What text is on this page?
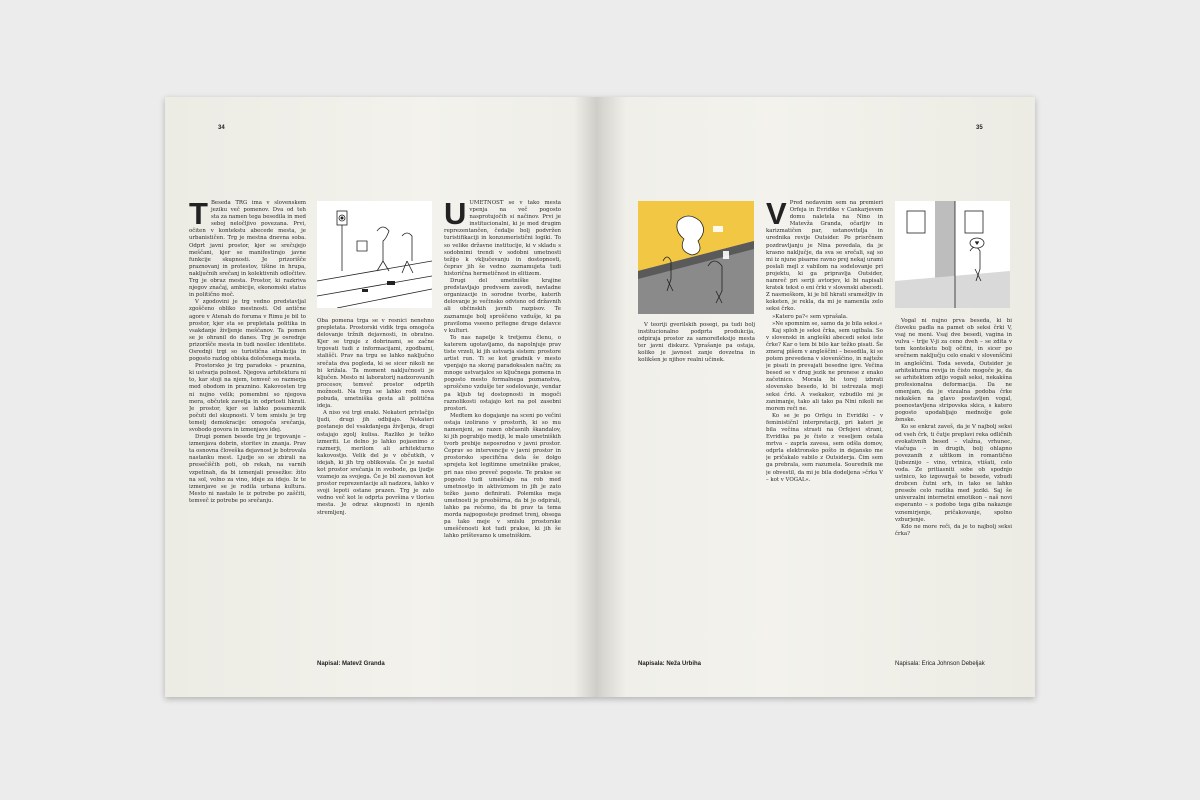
34	35
T Beseda TRG ima v slovenskem jeziku več pomenov. Dva od teh sta za namen tega besedila in med seboj neločljivo povezana. Prvi, očiten v kontekstu abecede mesta, je urbanističen. Trg je mestna dnevna soba. Odprt javni prostor, kjer se srečujejo meščani, kjer se manifestirajo javne funkcije skupnosti. Je prizorišče praznovanj in protestov, tišine in hrupa, naključnih srečanj in kolektivnih odločitev. Trg je obraz mesta. Prostor, ki razkriva njegov značaj, ambicije, ekonomski status in politično moč.

V zgodovini je trg vedno predstavljal zgoščeno obliko mestnosti. Od antične agore v Atenah do foruma v Rimu je bil to prostor, kjer sta se prepletala politika in vsakdanje življenje meščanov. Ta pomen se je ohranil do danes. Trg je osrednje prizorišče mesta in tudi nosilec identitete. Osrednji trgi so turistična atrakcija in pogosto razlog obiska določenega mesta.

Prostorsko je trg paradoks – praznina, ki ustvarja polnost. Njegova arhitektura ni to, kar stoji na njem, temveč so razmerja med obodom in praznino. Kakovosten trg ni nujno velik; pomembni so njegova mera, občutek zavetja in odprtosti hkrati. Je prostor, kjer se lahko posameznik počuti del skupnosti. V tem smislu je trg temelj demokracije: omogoča srečanja, svobodo govora in izmenjave idej.

Drugi pomen besede trg je trgovanje – izmenjava dobrin, storitev in znanja. Prav ta osnovna človeška dejavnost je botrovala nastanku mest. Ljudje so se zbirali na presečiščih poti, ob rekah, na varnih vzpetinah, da bi izmenjali presežke: žito na sol, volno za vino, ideje za idejo. Iz te izmenjave se je rodila urbana kultura. Mesto ni nastalo le iz potrebe po zaščiti, temveč iz potrebe po srečanju.

Oba pomena trga se v resnici nenehno prepletata. Prostorski vidik trga omogoča delovanje tržnih dejavnosti, in obratno. Kjer se trguje z dobrinami, se začne trgovati tudi z informacijami, zgodbami, stališči. Prav na trgu se lahko naključno srečata dva pogleda, ki se sicer nikoli ne bi križala. Ta moment naključnosti je ključen. Mesto ni laboratorij nadzorovanih procesov, temveč prostor odprtih možnosti. Na trgu se lahko rodi nova pobuda, umetniška gesta ali politična ideja.

A niso vsi trgi enaki. Nekateri privlačijo ljudi, drugi jih odbijajo. Nekateri postanejo del vsakdanjega življenja, drugi ostajajo zgolj kulisa. Razliko je težko izmeriti. Le delno jo lahko pojasnimo z razmerji, merilom ali arhitekturno kakovostjo. Velik del je v občutkih, v idejah, ki jih trg oblikovala. Če je nastal kot prostor srečanja in svobode, ga ljudje vzamejo za svojega. Če je bil zasnovan kot prostor reprezentacije ali nadzora, lahko v svoji lepoti ostane prazen. Trg je zato vedno več kot le odprta površina v tlorisu mesta. Je odraz skupnosti in njenih stremljenj.

Napisal: Matevž Granda
U UMETNOST se v tako mesta vpenja na več pogosto nasprotujočih si načinov. Prvi je institucionalni, ki je med drugim reprezentančen, čedalje bolj podvržen turistifikaciji in konzumeristični logiki. To so velike državne institucije, ki v skladu s sodobnimi trendi v sodobni umetnosti težijo k vključevanju in dostopnosti, čeprav jih še vedno zaznamujeta tudi historična hermetičnost in elitizem.

Drugi del umetniške krajine predstavljajo predvsem zavodi, nevladne organizacije in sorodne tvorbe, katerih delovanje je večinsko odvisno od državnih ali občinskih javnih razpisov. Te zaznamuje bolj sproščeno vzdušje, ki pa praviloma vseeno pritegne druge delavce v kulturi.

To nas napelje k tretjemu členu, o katerem ugotavljamo, da napolnjuje prav tiste vrzeli, ki jih ustvarja sistem: prostore artist run. Ti se kot gradnik v mesto vpenjajo na skoraj paradoksalen način; za mnoge ustvarjalce so ključnega pomena in pogosto mesto formalnega poznanstva, sproščeno vzdušje ter sodelovanje, vendar pa kljub tej dostopnosti in mogoči raznolikosti ostajajo kot na pol zasebni prostori.

Medtem ko dogajanje na sceni po večini ostaja izolirano v prostorih, ki so mu namenjeni, se razen občasnih škandalov, ki jih pograbijo mediji, le malo umetniških tvorb prebije neposredno v javni prostor. Čeprav so intervencije v javni prostor in prostorsko specifična dela še dolgo sprejeta kot legitimne umetniške prakse, pri nas niso preveč pogoste. Te prakse se pogosto tudi umeščajo na rob med umetnostjo in aktivizmom in jih je zato težko jasno definirati. Polemika meja umetnosti je preobširna, da bi jo odpirali, lahko pa rečemo, da bi prav ta tema morda najpogosteje predmet trenj, obsega pa tako meje v smislu prostorske umeščenosti kot tudi prakse, ki jih še lahko prištevamo k umetniškim.

V teoriji gverilskih posegi, pa tudi bolj institucionalno podprta produkcija, odpiraja prostor za samorefleksijo mesta ter javni diskurz. Vprašanje pa ostaja, koliko je javnost zanje dovzetna in kolikšen je njihov realni učinek.

Napisala: Neža Urbiha
V Pred nedavnim sem na premieri Orfeja in Evridike v Cankarjevem domu naletela na Nino in Matevža Granda, očarljiv in karizmatičen par, ustanovitelja in urednika revije Outsider. Po prisrčnem pozdravljanju je Nina povedala, da je krasno naključje, da sva se srečali, saj so mi iz njune pisarne ravno prej nekaj urami poslali mejl z vabilom na sodelovanje pri projektu, ki ga pripravlja Outsider, namreč pri seriji avtorjev, ki bi napisali kratek tekst o eni črki v slovenski abecedi. Z nasmeškom, ki je bil hkrati sramežljiv in koketen, je rekla, da mi je namenila zelo seksi črko.

»Katero pa?« sem vprašala.

»Ne spomnim se, samo da je bila seksi.«

Kaj sploh je seksi črka, sem ugibala. So v slovenski in angleški abecedi seksi iste črke? Kar o tem bi bilo kar težko pisati. Še zmeraj pišem v angleščini – besedila, ki so potem prevedena v slovenščino, in najteže je pisati in prevajati besedne igre. Večina besed se v drug jezik ne prenese z enako začetnico. Morala bi torej izbrati slovensko besedo, ki bi ustrezala moji seksi črki. A vsekakor, vzbudilo mi je zanimanje, tako ali tako pa Nini nikoli ne morem reči ne.

Ko se je po Orfeju in Evridiki – v feminističnl interpretaciji, pri kateri je bila večina strasti na Orfejevi strani, Evridika pa je čisto z veseljem ostala mrtva – zaprla zavesa, sem odšla domov, odprla elektronsko pošto in dejansko me je pričakalo vabilo z Outsiderja. Čim sem ga prebrala, sem razumela. Sourednik me je obvestil, da mi je bila dodeljena »črka V – kot v VOGAL«.

Vogal ni nujno prva beseda, ki bi človeku padla na pamet ob seksi črki V, vsaj ne meni. Vsaj dve besedi, vagina in vulva – trije V-ji za ceno dveh – se zdita v tem kontekstu bolj očitni, in sicer po srečnem naključju celo enaki v slovenščini in angleščini. Toda seveda, Outsider je arhitekturna revija in čisto mogoče je, da se arhitektom zdijo vogali seksi, nekakšna profesionalna deformacija. Da ne omenjam, da je vizualna podoba črke nekakšen na glavo postavljen vogal, poenostavljena stripovska skica, s katero pogosto upodabljajo mednožje gole ženske.

Ko se enkrat zaveš, da je V najbolj seksi od vseh črk, ti čutje preplavi reka odličnih evokativnih besed – vlažna, vrhunec, vlačuga – in drugih, bolj ohlapno povezanih z užitkom in romantično ljubeznijo – vino, vrtnica, vtišati, celo voda. Ze pritiasniti sobe ob spodnjo ustnico, ko izgovarjaš te besede, vzbudi drobcen čutni srh, in tako se lahko preseže celo razlika med jeziki. Saj še univerzalni internetni emotikon – naš novi esperanto – s podobo tega giba nakazuje vznemirjenje, pričakovanje, spolno vzburjenje.

Kdo ne more reči, da je to najbolj seksi črka?

Napisala: Erica Johnson Debeljak
